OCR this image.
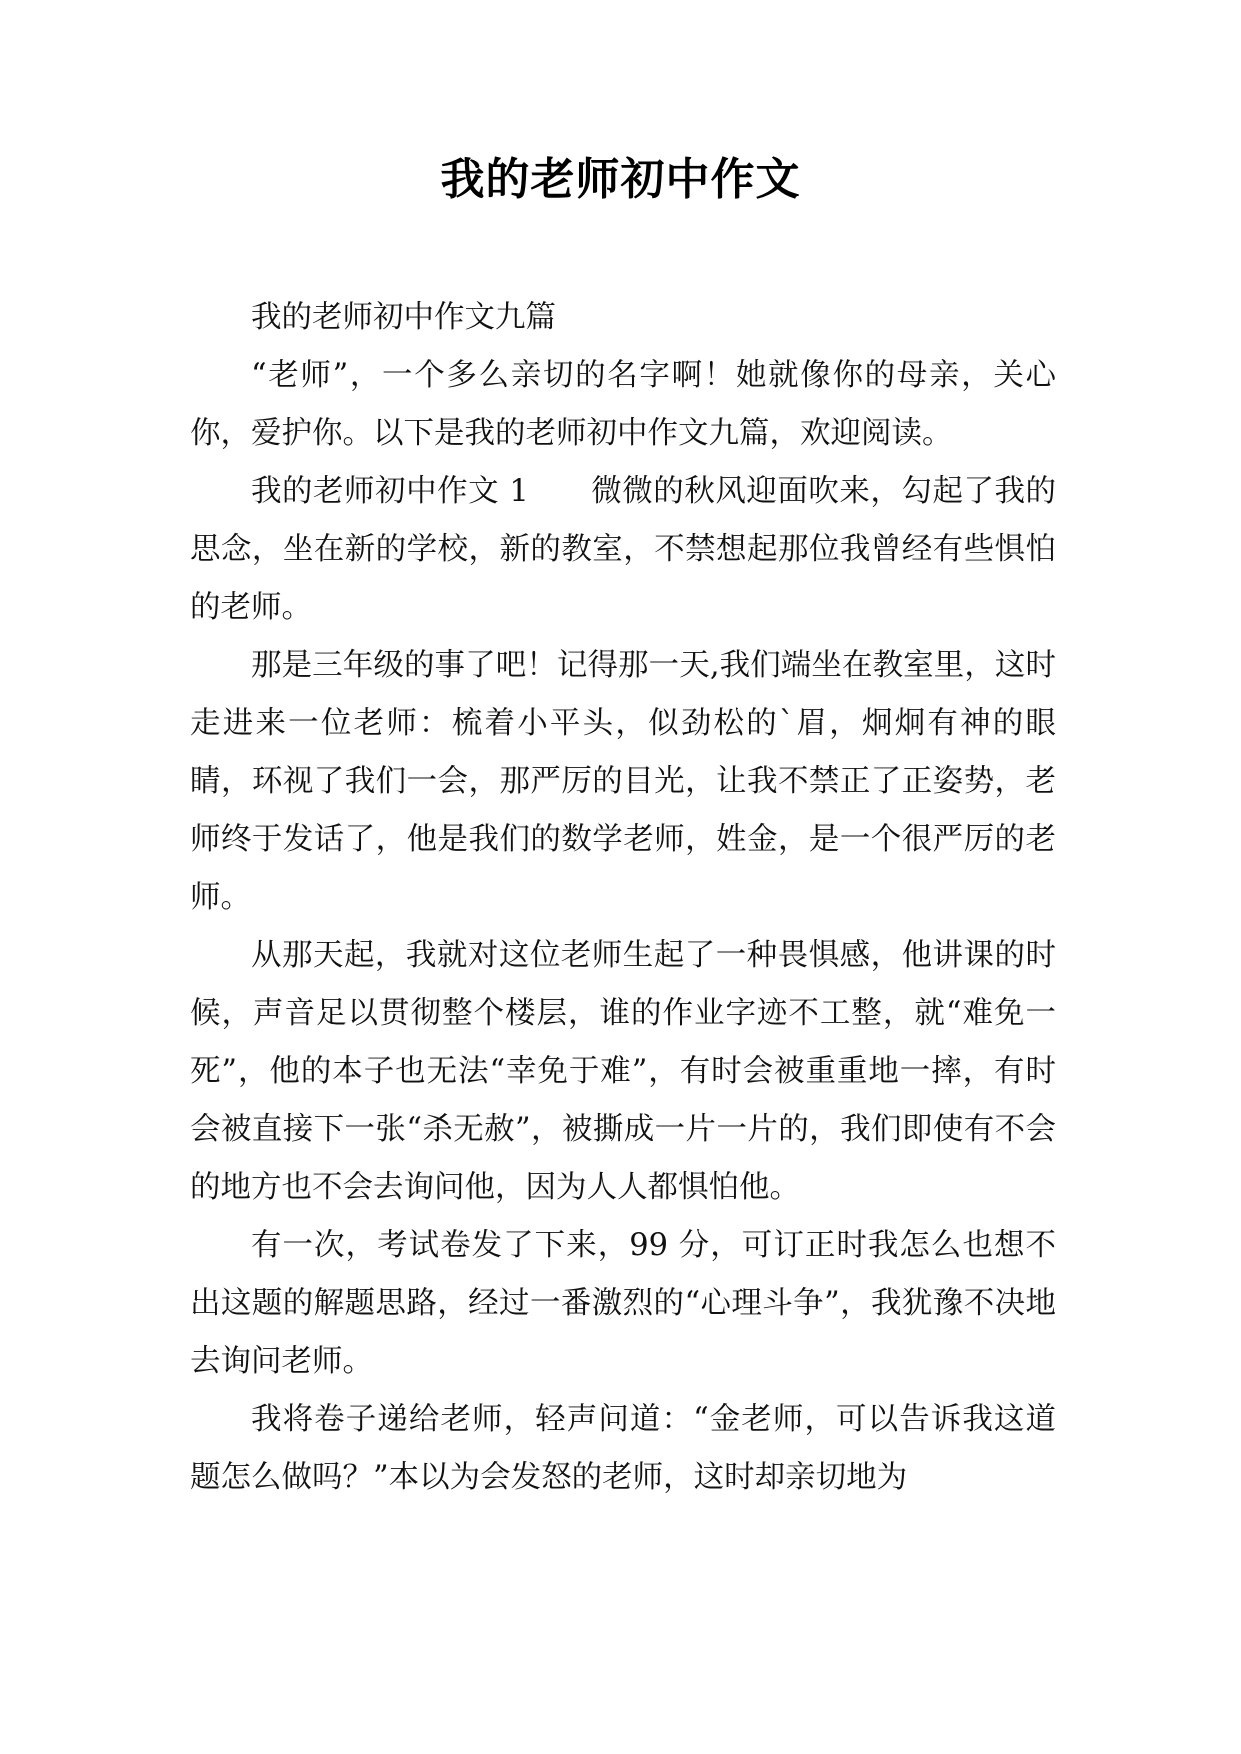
我的老师初中作文

我的老师初中作文九篇

“老师”，一个多么亲切的名字啊！她就像你的母亲，关心你，爱护你。以下是我的老师初中作文九篇，欢迎阅读。

我的老师初中作文 1　　微微的秋风迎面吹来，勾起了我的思念，坐在新的学校，新的教室，不禁想起那位我曾经有些惧怕的老师。

那是三年级的事了吧！记得那一天,我们端坐在教室里，这时走进来一位老师：梳着小平头，似劲松的`眉，炯炯有神的眼睛，环视了我们一会，那严厉的目光，让我不禁正了正姿势，老师终于发话了，他是我们的数学老师，姓金，是一个很严厉的老师。

从那天起，我就对这位老师生起了一种畏惧感，他讲课的时候，声音足以贯彻整个楼层，谁的作业字迹不工整，就“难免一死”，他的本子也无法“幸免于难”，有时会被重重地一摔，有时会被直接下一张“杀无赦”，被撕成一片一片的，我们即使有不会的地方也不会去询问他，因为人人都惧怕他。

有一次，考试卷发了下来，99 分，可订正时我怎么也想不出这题的解题思路，经过一番激烈的“心理斗争”，我犹豫不决地去询问老师。

我将卷子递给老师，轻声问道：“金老师，可以告诉我这道题怎么做吗？”本以为会发怒的老师，这时却亲切地为
